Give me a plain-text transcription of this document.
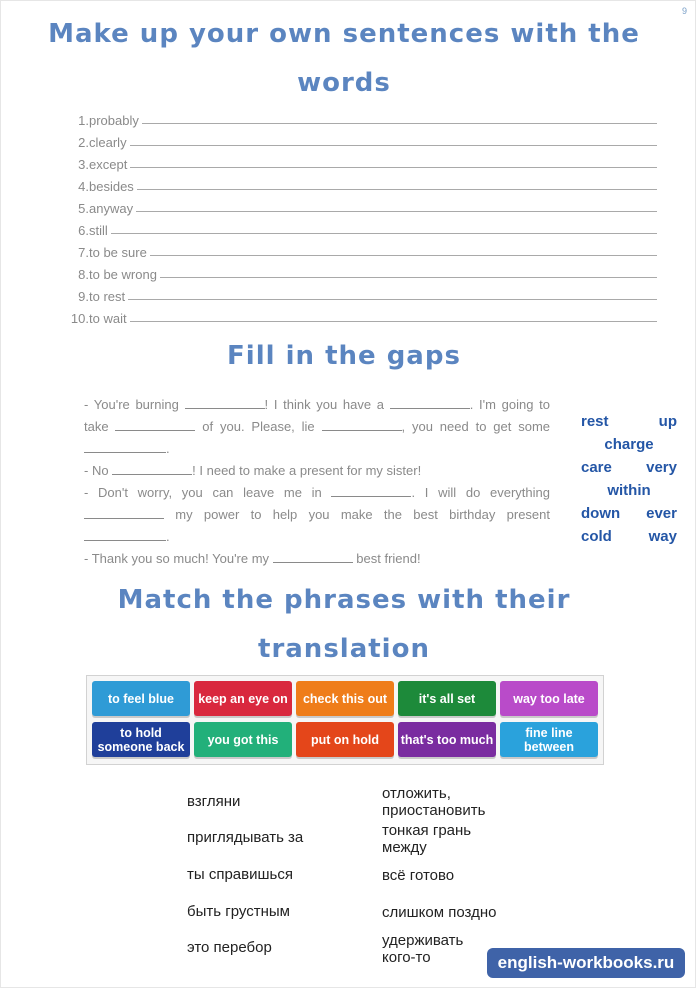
9
Make up your own sentences with the
words
1. probably
2. clearly
3. except
4. besides
5. anyway
6. still
7. to be sure
8. to be wrong
9. to rest
10. to wait
Fill in the gaps

- You're burning	! I think you have a	. I'm going to take	of you. Please, lie	, you need to get some .

- No	! I need to make a present for my sister!

- Don't worry, you can leave me in	. I will do everything  my power to help you make the best birthday present .

- Thank you so much! You're my	best friend!

rest	up
charge
care very
within
down ever
cold way
Match the phrases with their
translation
to feel blue	keep an eye on	check this out	it's all set	way too late
to hold someone back	you got this	put on hold	that's too much	fine line between
взгляни
приглядывать за
ты справишься
быть грустным
это перебор
отложить, приостановить
тонкая грань между
всё готово
слишком поздно
удерживать кого-то	english-workbooks.ru
